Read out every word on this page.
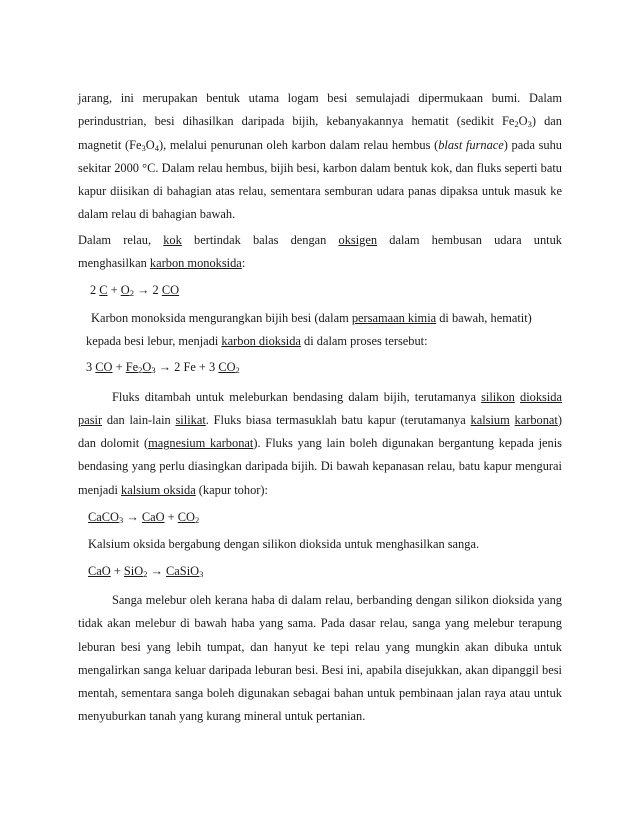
jarang, ini merupakan bentuk utama logam besi semulajadi dipermukaan bumi. Dalam perindustrian, besi dihasilkan daripada bijih, kebanyakannya hematit (sedikit $Fe_2O_3$) dan magnetit $(Fe_3O_4)$, melalui penurunan oleh karbon dalam relau hembus (blast furnace) pada suhu sekitar 2000 °C. Dalam relau hembus, bijih besi, karbon dalam bentuk kok, dan fluks seperti batu kapur diisikan di bahagian atas relau, sementara semburan udara panas dipaksa untuk masuk ke dalam relau di bahagian bawah.

Dalam relau, kok bertindak balas dengan oksigen dalam hembusan udara untuk

menghasilkan karbon monoksida:

2 $C + O_2 \to 2$ CO

Karbon monoksida mengurangkan bijih besi (dalam persamaan kimia di bawah, hematit)

kepada besi lebur, menjadi karbon dioksida di dalam proses tersebut:

3 CO + $Fe_2O_3 \to 2$ Fe + 3 $CO_2$

Fluks ditambah untuk meleburkan bendasing dalam bijih, terutamanya silikon dioksida pasir dan lain-lain silikat. Fluks biasa termasuklah batu kapur (terutamanya kalsium karbonat) dan dolomit (magnesium karbonat). Fluks yang lain boleh digunakan bergantung kepada jenis bendasing yang perlu diasingkan daripada bijih. Di bawah kepanasan relau, batu kapur mengurai menjadi kalsium oksida (kapur tohor):

CaCO$_3$ → CaO + $CO_2$

Kalsium oksida bergabung dengan silikon dioksida untuk menghasilkan sanga.

CaO + SiO$_2$ → CaSiO$_3$

Sanga melebur oleh kerana haba di dalam relau, berbanding dengan silikon dioksida yang tidak akan melebur di bawah haba yang sama. Pada dasar relau, sanga yang melebur terapung leburan besi yang lebih tumpat, dan hanyut ke tepi relau yang mungkin akan dibuka untuk mengalirkan sanga keluar daripada leburan besi. Besi ini, apabila disejukkan, akan dipanggil besi mentah, sementara sanga boleh digunakan sebagai bahan untuk pembinaan jalan raya atau untuk menyuburkan tanah yang kurang mineral untuk pertanian.
